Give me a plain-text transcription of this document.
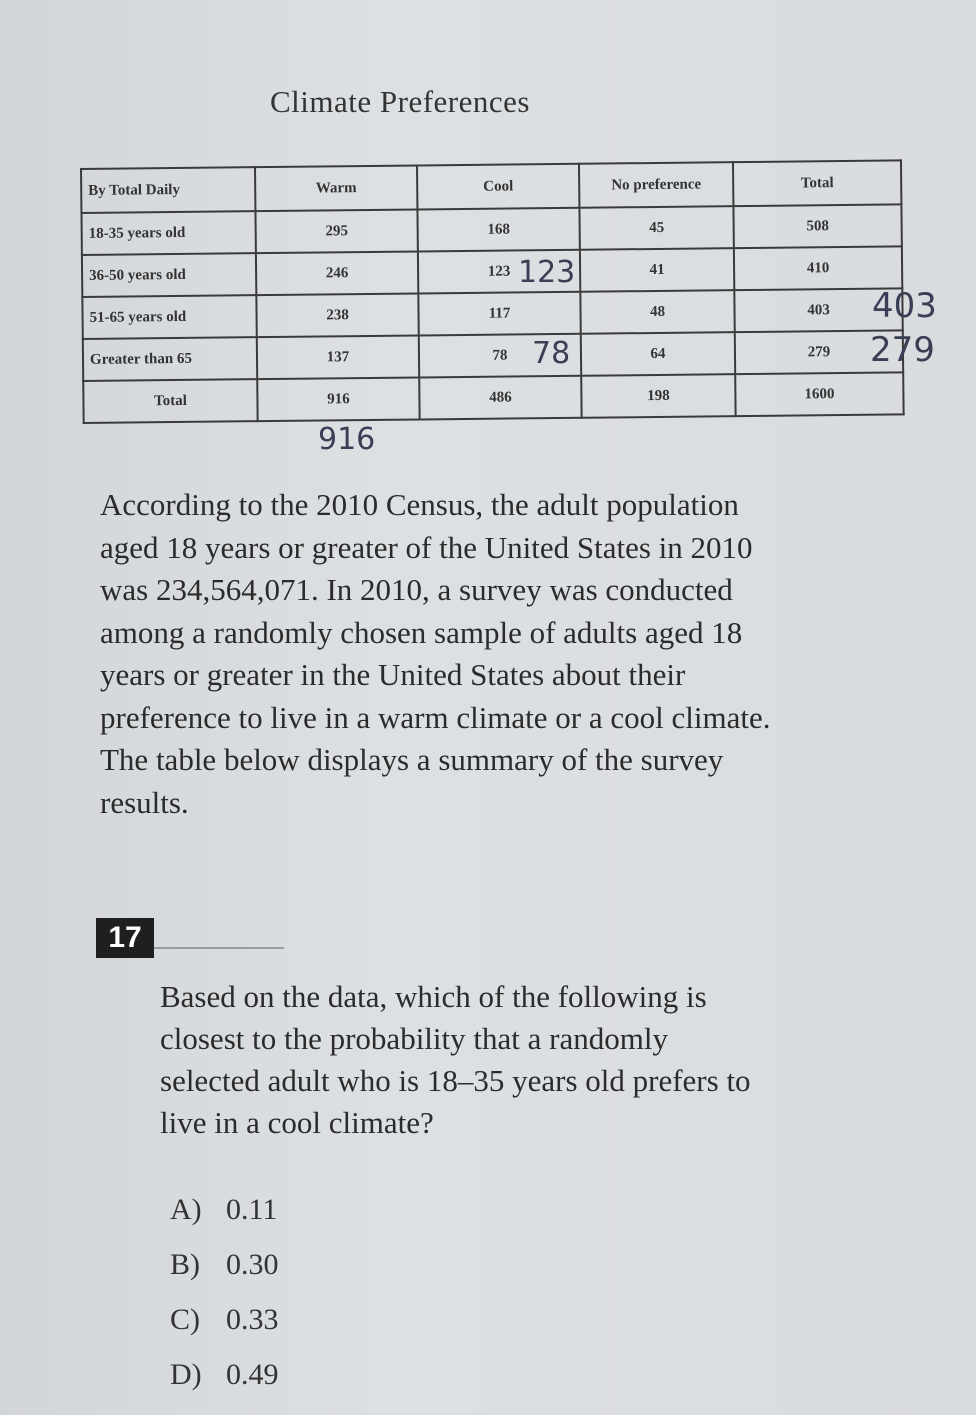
Climate Preferences
By Total Daily	Warm	Cool	No preference	Total
18-35 years old	295	168	45	508
36-50 years old	246	123	41	410
51-65 years old	238	117	48	403
Greater than 65	137	78	64	279
Total	916	486	198	1600
123
78
403
279
916
According to the 2010 Census, the adult population
aged 18 years or greater of the United States in 2010
was 234,564,071. In 2010, a survey was conducted
among a randomly chosen sample of adults aged 18
years or greater in the United States about their
preference to live in a warm climate or a cool climate.
The table below displays a summary of the survey
results.
17
Based on the data, which of the following is
closest to the probability that a randomly
selected adult who is 18–35 years old prefers to
live in a cool climate?
A) 0.11
B) 0.30
C) 0.33
D) 0.49
